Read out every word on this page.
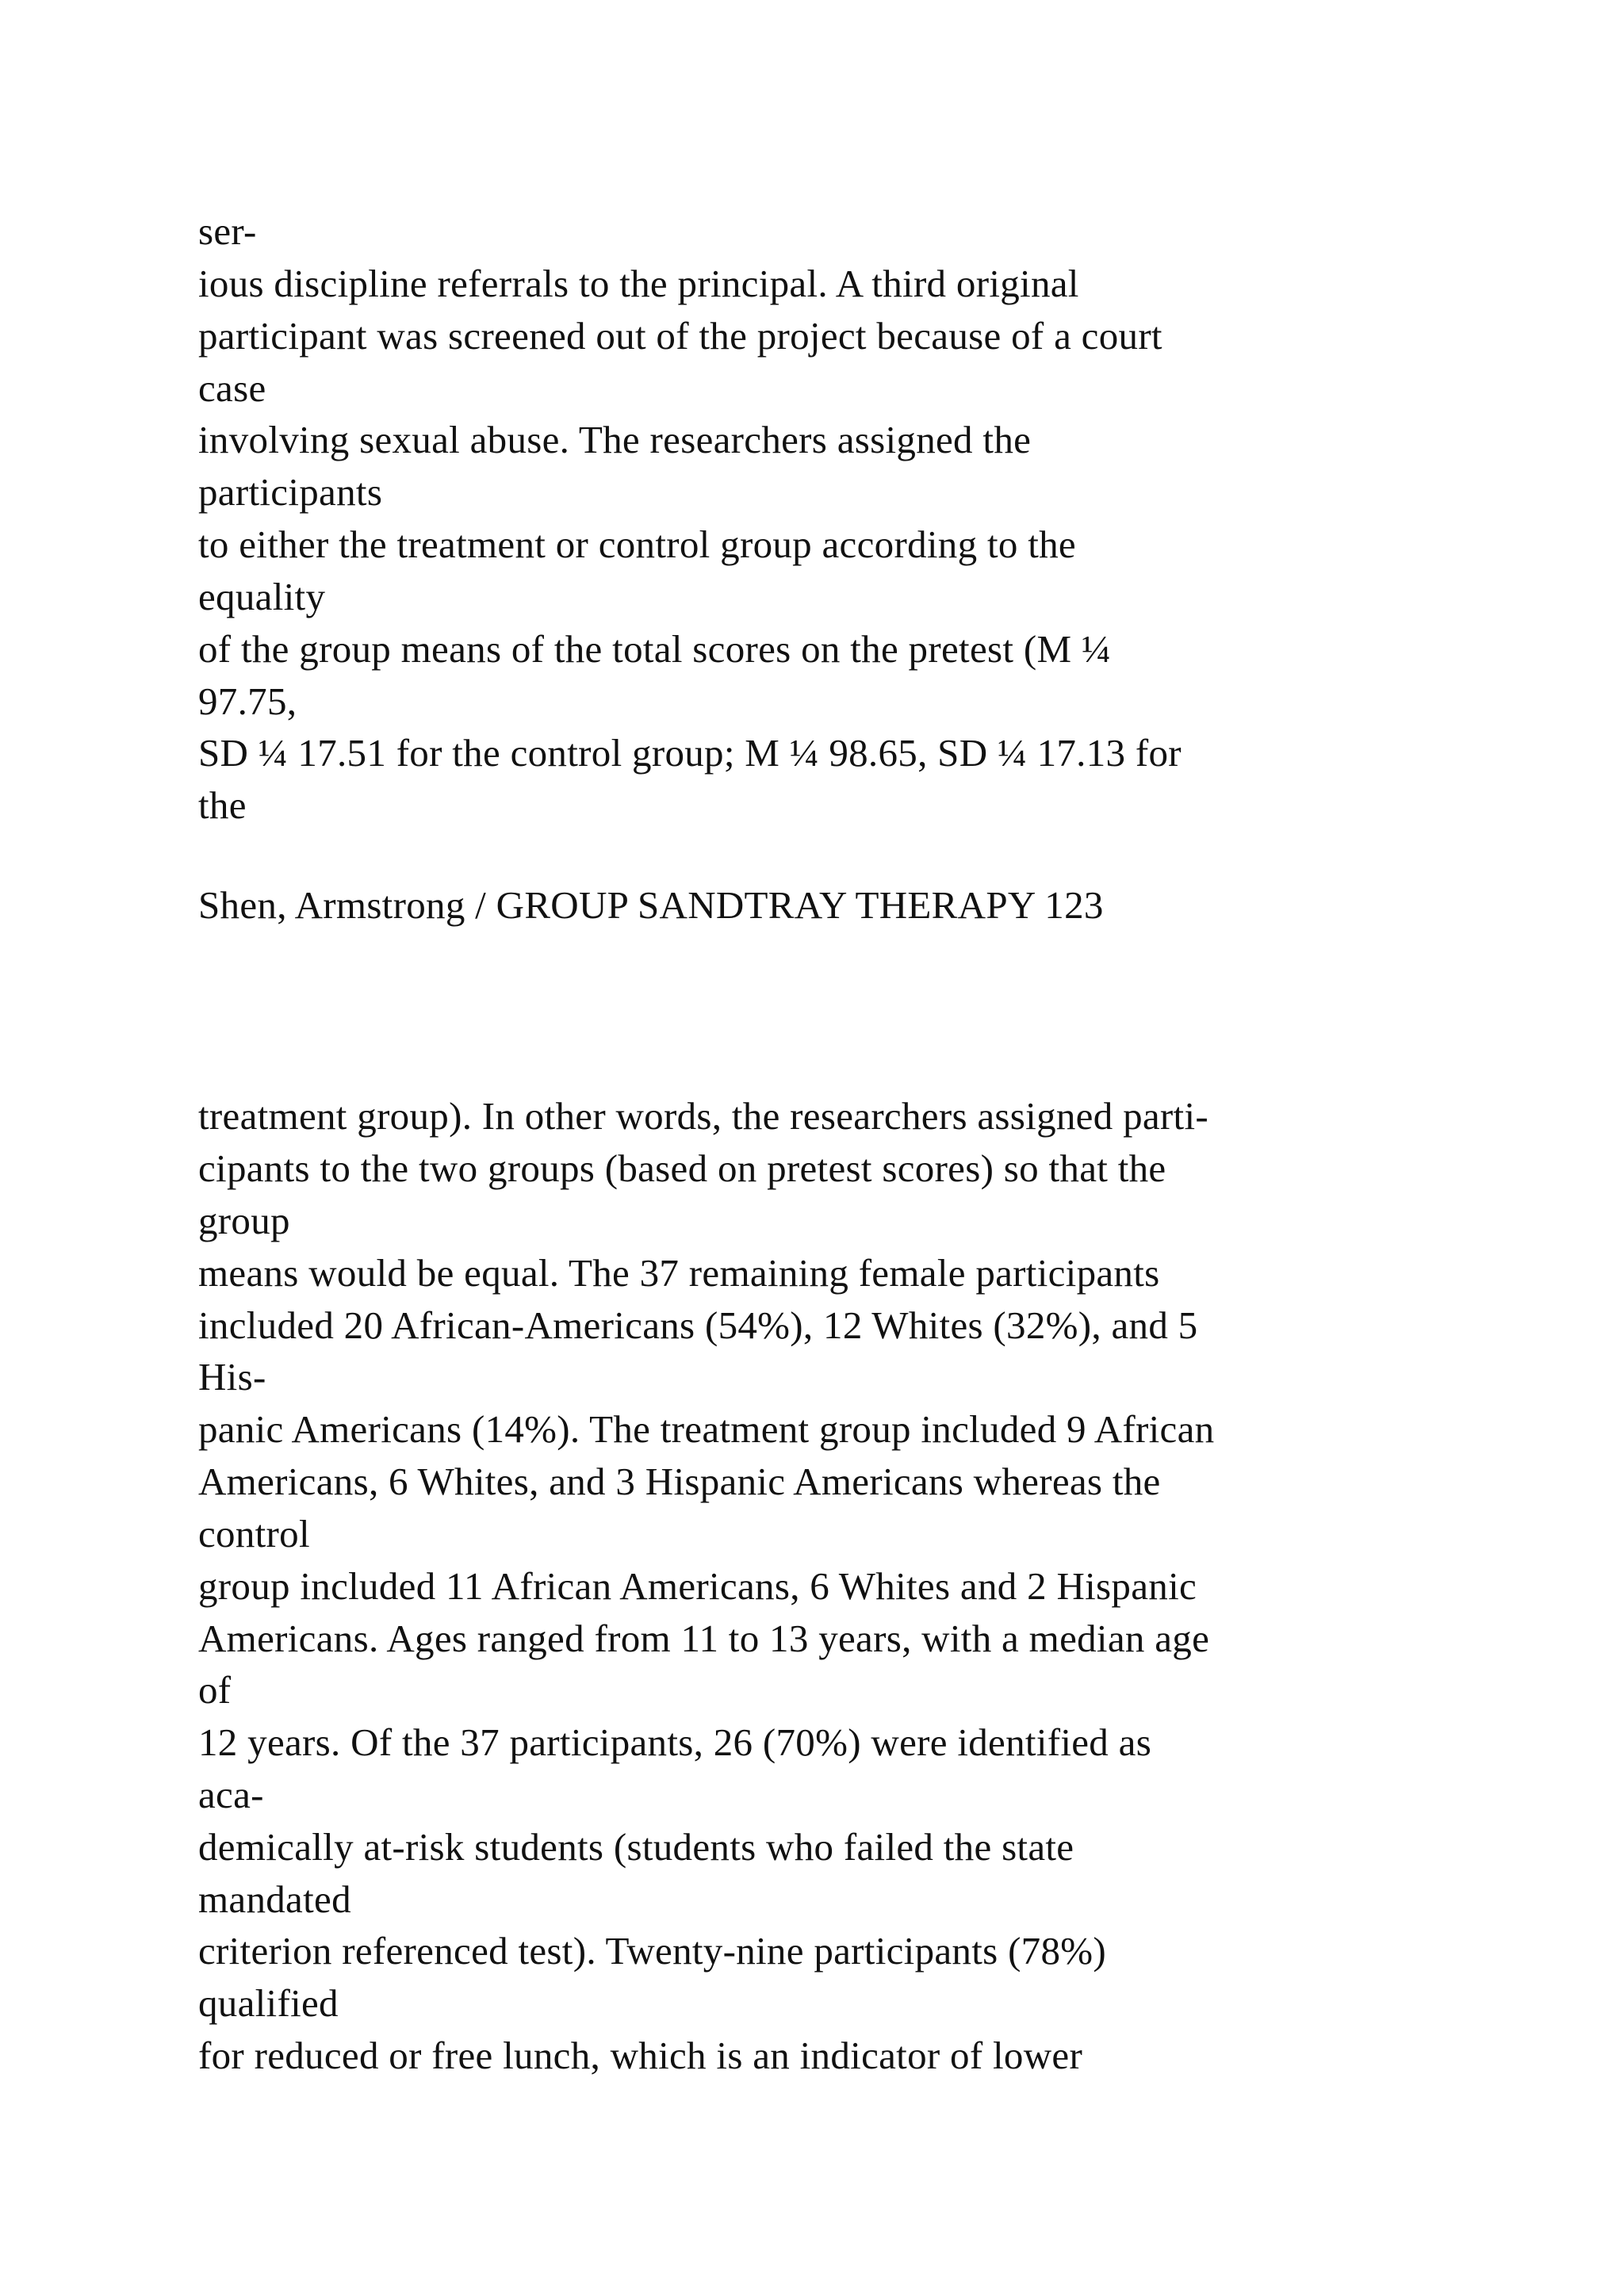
ser-

ious discipline referrals to the principal. A third original

participant was screened out of the project because of a court

case

involving sexual abuse. The researchers assigned the

participants

to either the treatment or control group according to the

equality

of the group means of the total scores on the pretest (M ¼

97.75,

SD ¼ 17.51 for the control group; M ¼ 98.65, SD ¼ 17.13 for

the

Shen, Armstrong / GROUP SANDTRAY THERAPY 123

treatment group). In other words, the researchers assigned parti-

cipants to the two groups (based on pretest scores) so that the

group

means would be equal. The 37 remaining female participants

included 20 African-Americans (54%), 12 Whites (32%), and 5

His-

panic Americans (14%). The treatment group included 9 African

Americans, 6 Whites, and 3 Hispanic Americans whereas the

control

group included 11 African Americans, 6 Whites and 2 Hispanic

Americans. Ages ranged from 11 to 13 years, with a median age

of

12 years. Of the 37 participants, 26 (70%) were identified as

aca-

demically at-risk students (students who failed the state

mandated

criterion referenced test). Twenty-nine participants (78%)

qualified

for reduced or free lunch, which is an indicator of lower
